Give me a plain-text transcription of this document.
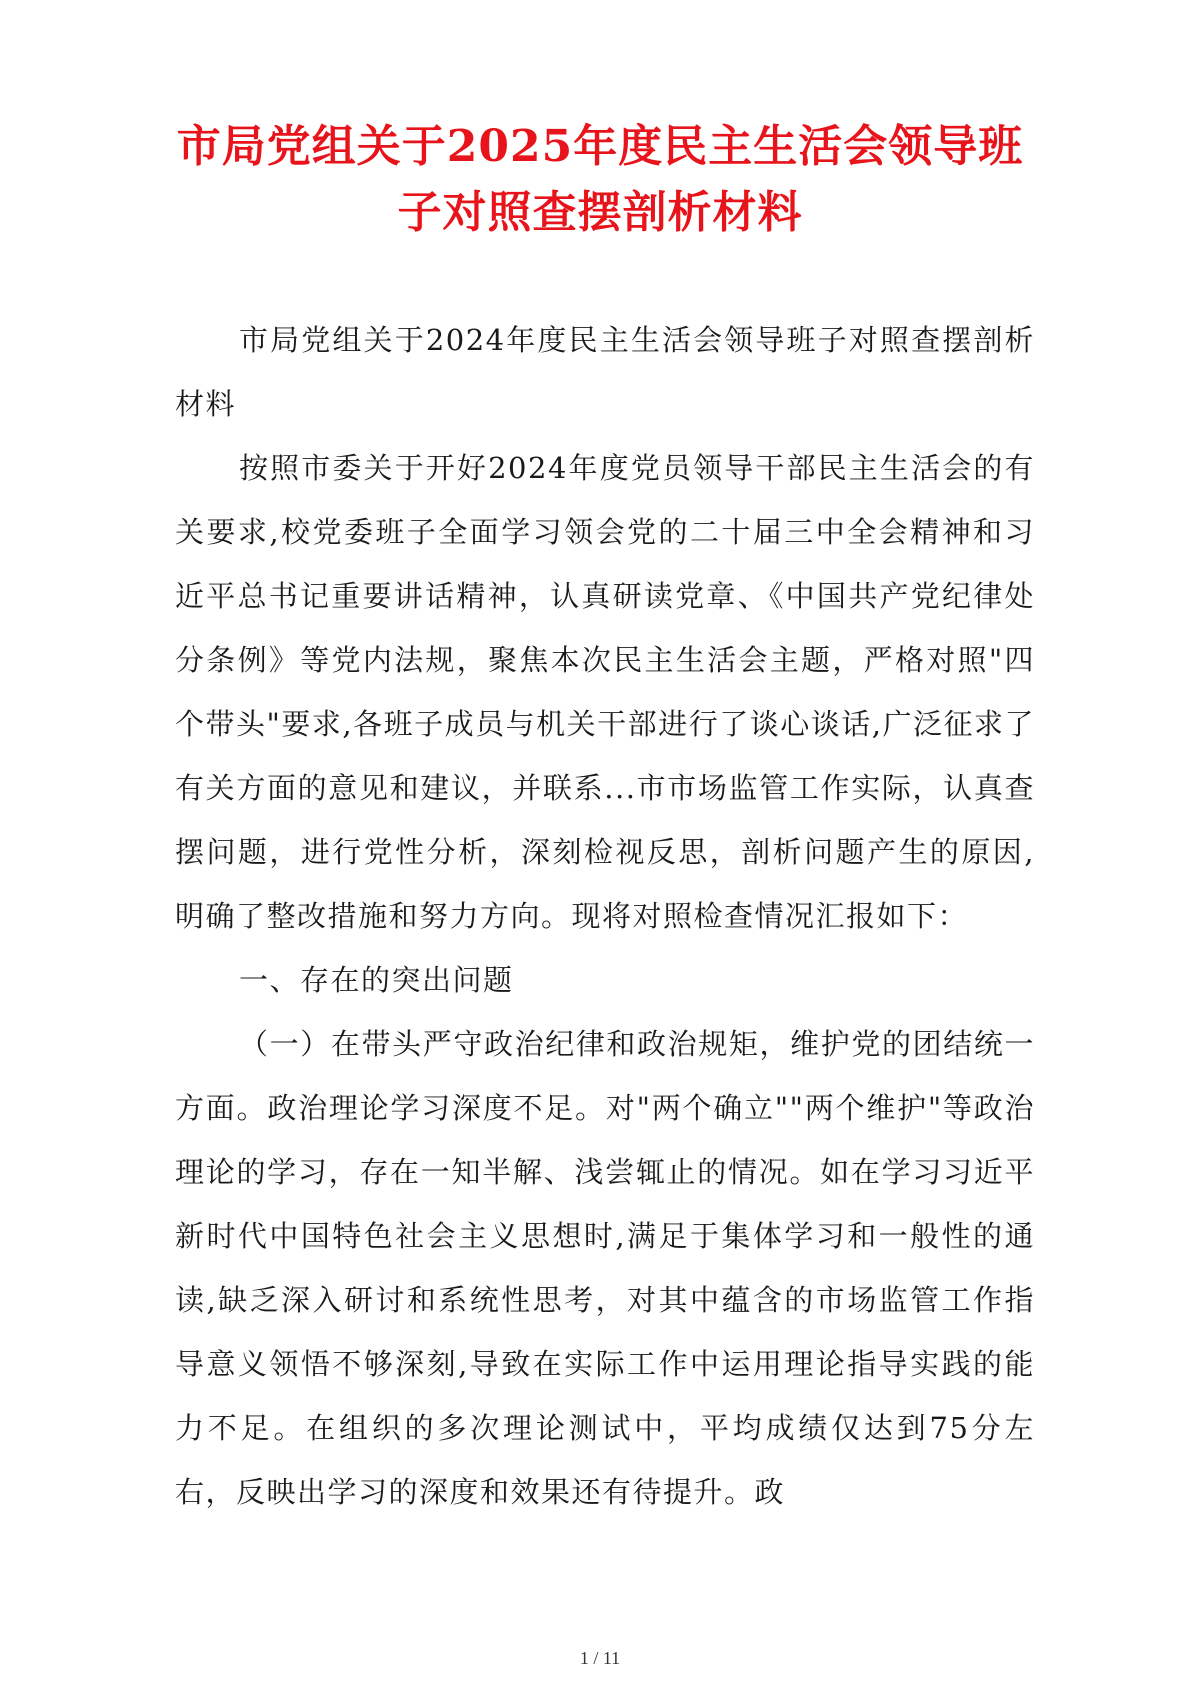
市局党组关于2025年度民主生活会领导班
子对照查摆剖析材料

市局党组关于2024年度民主生活会领导班子对照查摆剖析材料

按照市委关于开好2024年度党员领导干部民主生活会的有关要求,校党委班子全面学习领会党的二十届三中全会精神和习近平总书记重要讲话精神，认真研读党章、《中国共产党纪律处分条例》等党内法规，聚焦本次民主生活会主题，严格对照"四个带头"要求,各班子成员与机关干部进行了谈心谈话,广泛征求了有关方面的意见和建议，并联系...市市场监管工作实际，认真查摆问题，进行党性分析，深刻检视反思，剖析问题产生的原因,明确了整改措施和努力方向。现将对照检查情况汇报如下：

一、存在的突出问题

（一）在带头严守政治纪律和政治规矩，维护党的团结统一方面。政治理论学习深度不足。对"两个确立""两个维护"等政治理论的学习，存在一知半解、浅尝辄止的情况。如在学习习近平新时代中国特色社会主义思想时,满足于集体学习和一般性的通读,缺乏深入研讨和系统性思考，对其中蕴含的市场监管工作指导意义领悟不够深刻,导致在实际工作中运用理论指导实践的能力不足。在组织的多次理论测试中，平均成绩仅达到75分左右，反映出学习的深度和效果还有待提升。政

1 / 11
